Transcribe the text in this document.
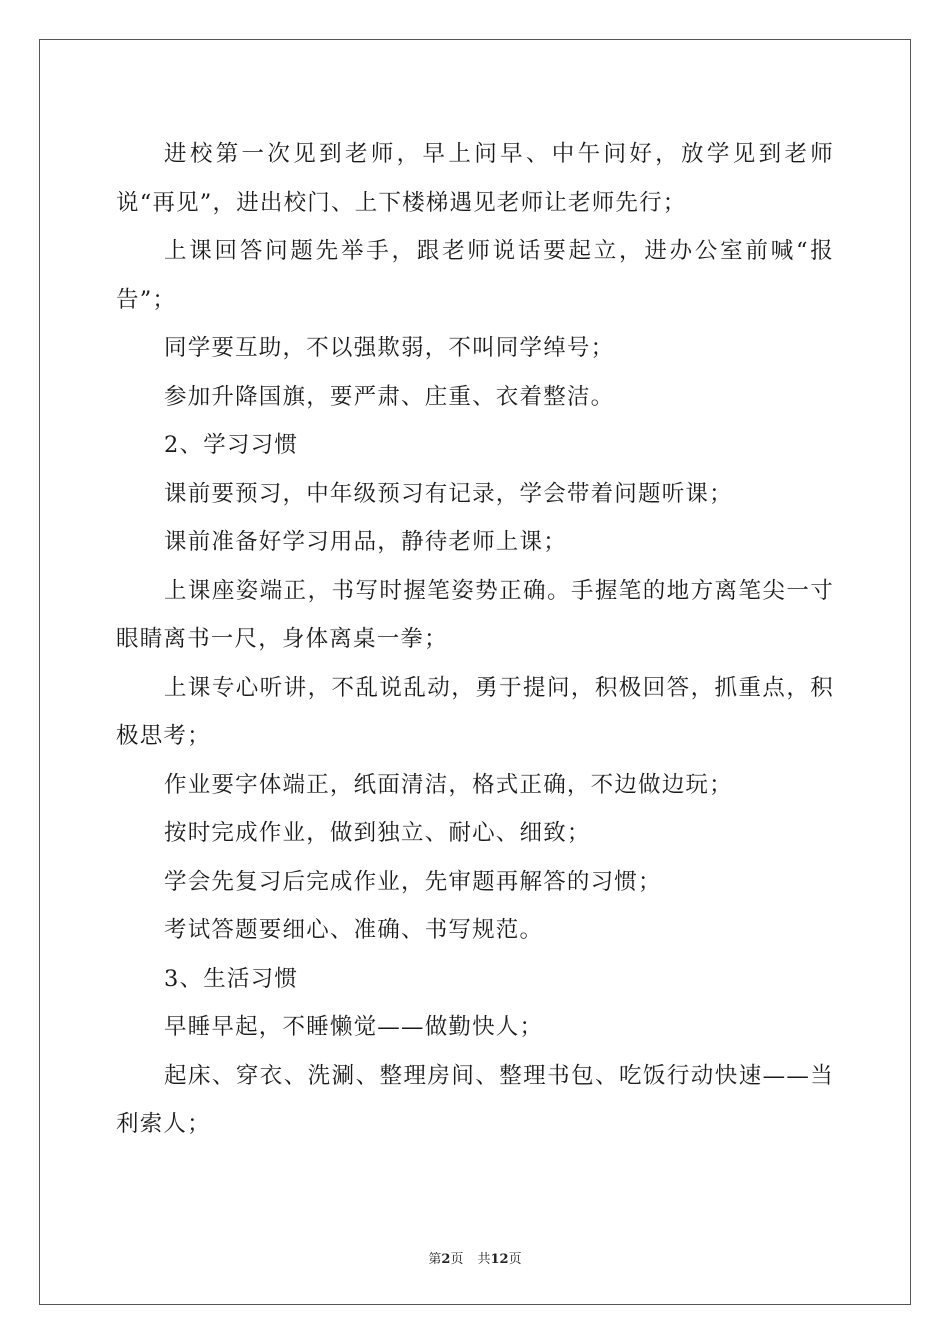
进校第一次见到老师，早上问早、中午问好，放学见到老师说“再见”，进出校门、上下楼梯遇见老师让老师先行；

上课回答问题先举手，跟老师说话要起立，进办公室前喊“报告”；

同学要互助，不以强欺弱，不叫同学绰号；

参加升降国旗，要严肃、庄重、衣着整洁。

2、学习习惯

课前要预习，中年级预习有记录，学会带着问题听课；

课前准备好学习用品，静待老师上课；

上课座姿端正，书写时握笔姿势正确。手握笔的地方离笔尖一寸眼睛离书一尺，身体离桌一拳；

上课专心听讲，不乱说乱动，勇于提问，积极回答，抓重点，积极思考；

作业要字体端正，纸面清洁，格式正确，不边做边玩；

按时完成作业，做到独立、耐心、细致；

学会先复习后完成作业，先审题再解答的习惯；

考试答题要细心、准确、书写规范。

3、生活习惯

早睡早起，不睡懒觉——做勤快人；

起床、穿衣、洗涮、整理房间、整理书包、吃饭行动快速——当利索人；

第2页 共12页
